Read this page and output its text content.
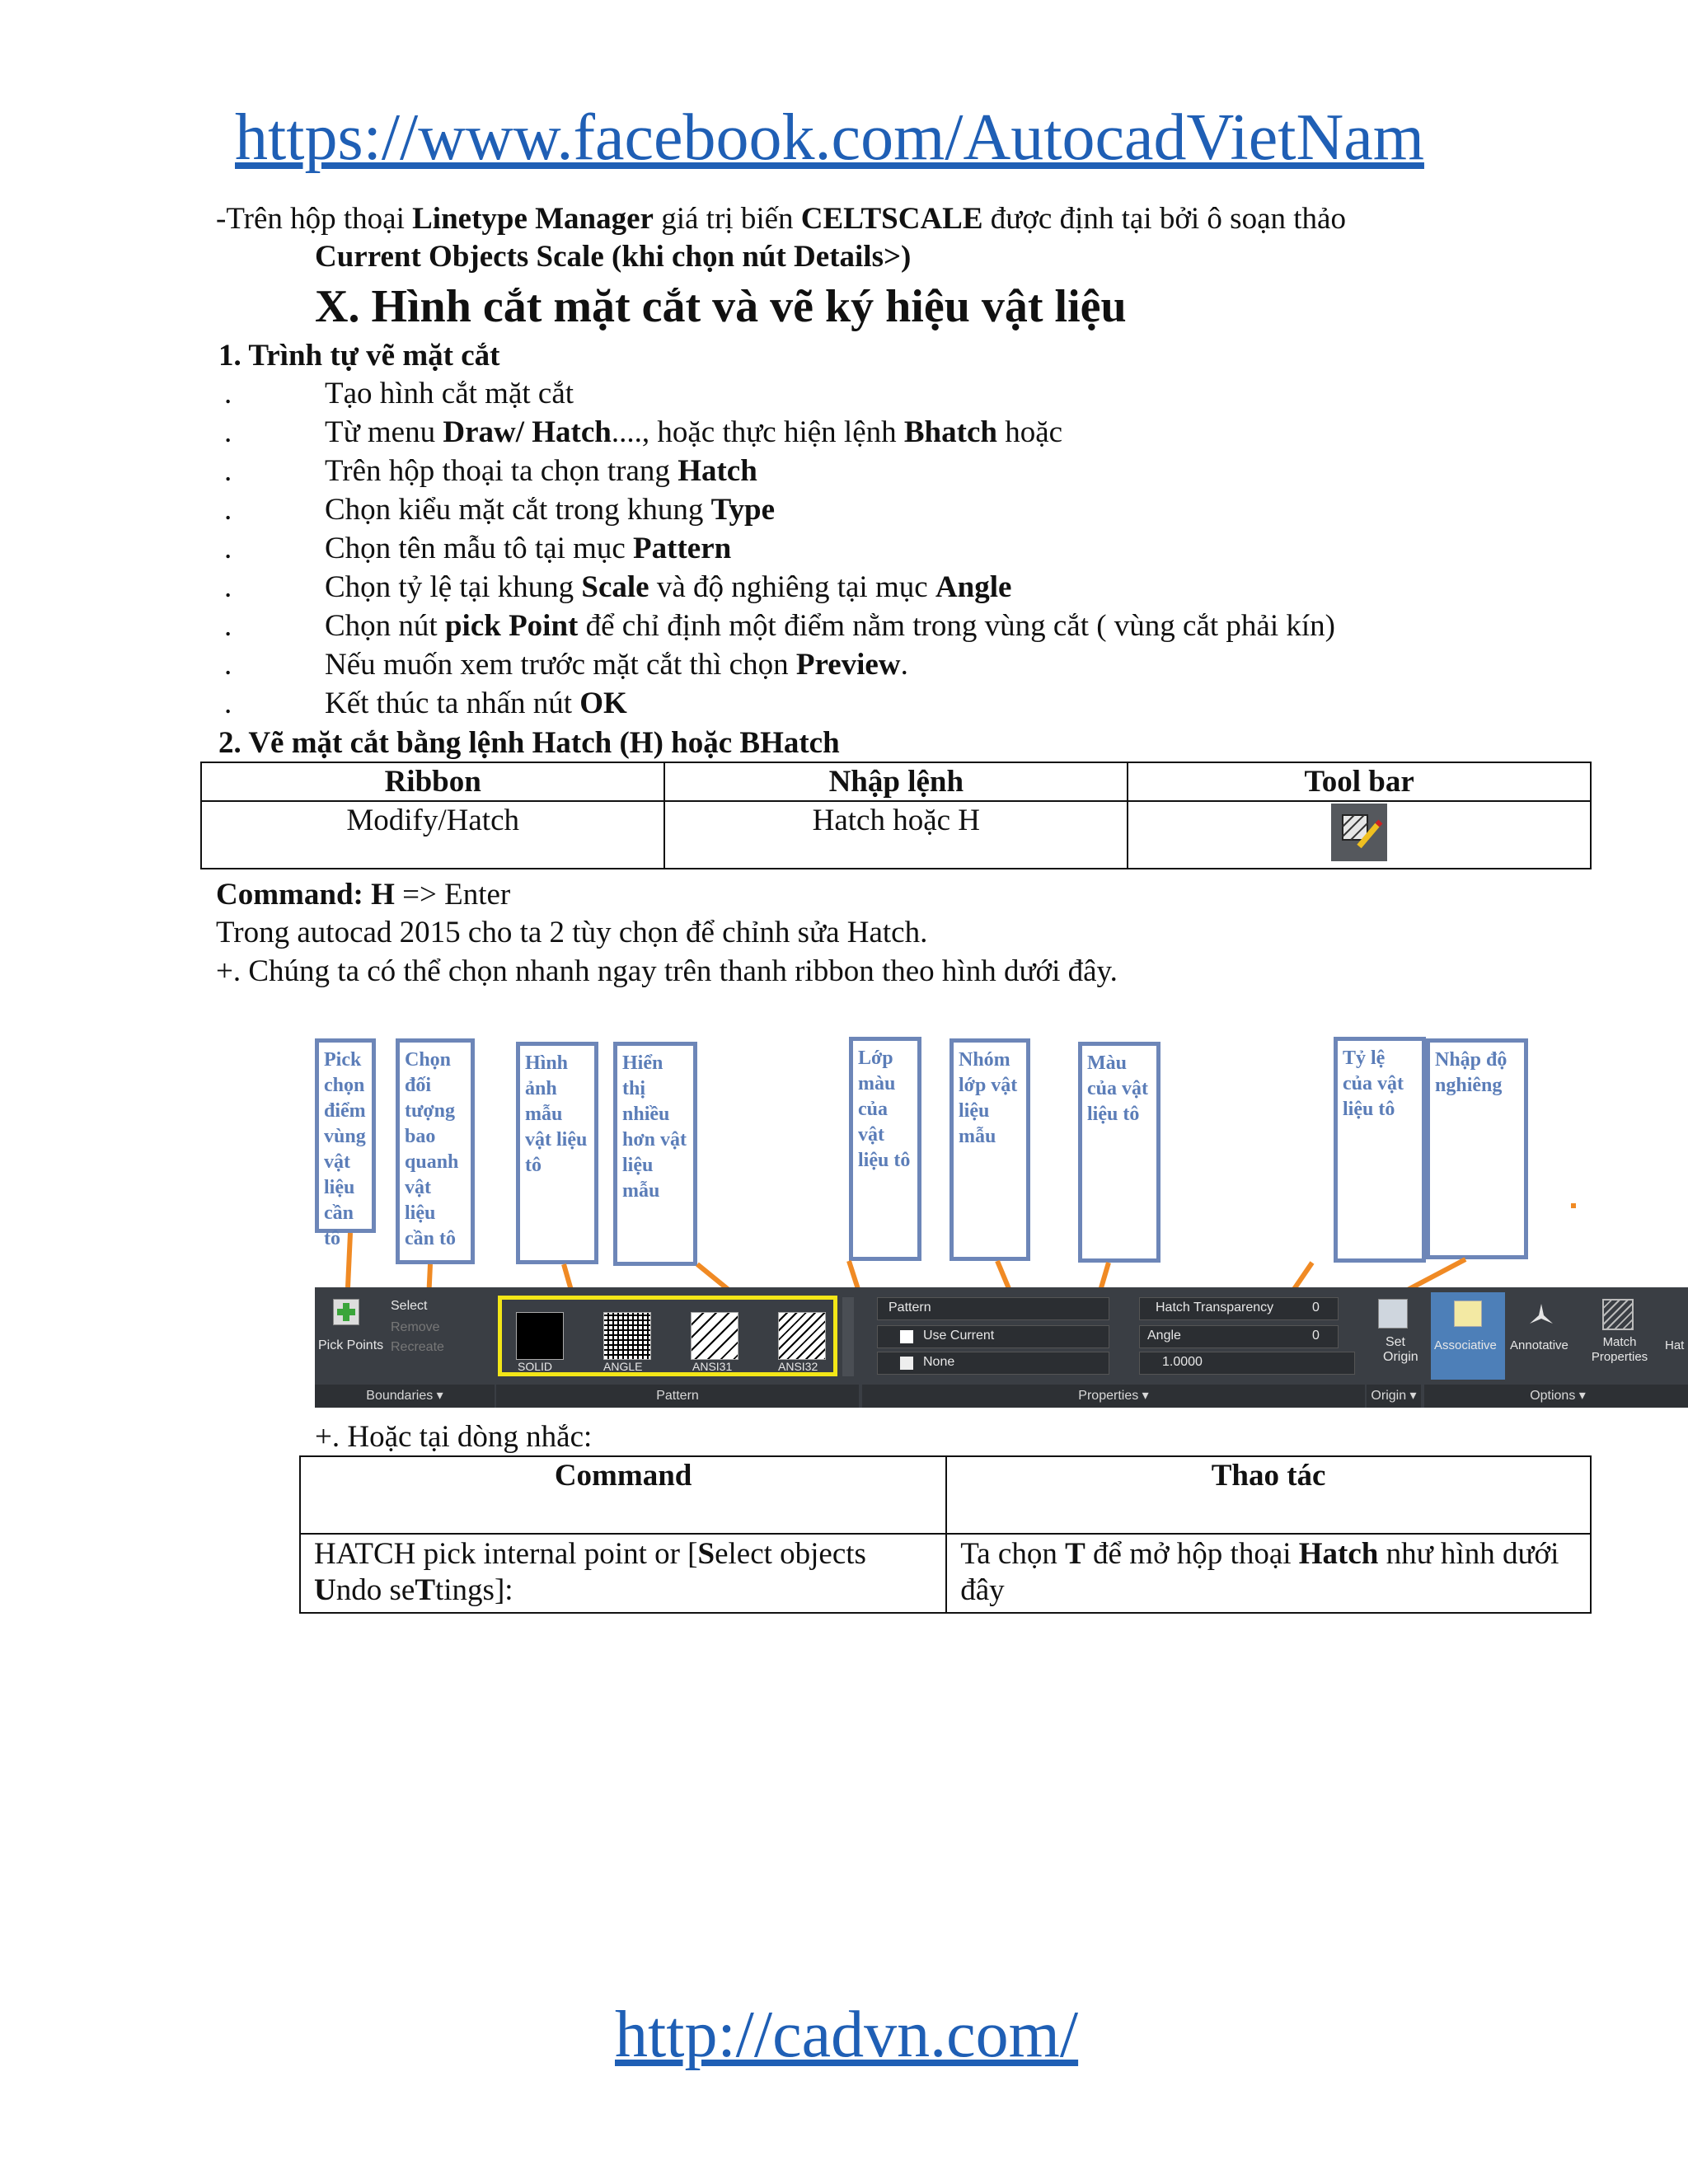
https://www.facebook.com/AutocadVietNam
-Trên hộp thoại Linetype Manager giá trị biến CELTSCALE được định tại bởi ô soạn thảo
Current Objects Scale (khi chọn nút Details>)
X. Hình cắt mặt cắt và vẽ ký hiệu vật liệu
1. Trình tự vẽ mặt cắt
.	Tạo hình cắt mặt cắt
.	Từ menu Draw/ Hatch...., hoặc thực hiện lệnh Bhatch hoặc
.	Trên hộp thoại ta chọn trang Hatch
.	Chọn kiểu mặt cắt trong khung Type
.	Chọn tên mẫu tô tại mục Pattern
.	Chọn tỷ lệ tại khung Scale và độ nghiêng tại mục Angle
.	Chọn nút pick Point để chỉ định một điểm nằm trong vùng cắt ( vùng cắt phải kín)
.	Nếu muốn xem trước mặt cắt thì chọn Preview.
.	Kết thúc ta nhấn nút OK
2. Vẽ mặt cắt bằng lệnh Hatch (H) hoặc BHatch
Ribbon	Nhập lệnh	Tool bar
Modify/Hatch	Hatch hoặc H	
Command: H => Enter
Trong autocad 2015 cho ta 2 tùy chọn để chỉnh sửa Hatch.
+. Chúng ta có thể chọn nhanh ngay trên thanh ribbon theo hình dưới đây.
Pick chọn điểm vùng vật liệu cần tô
Chọn đối tượng bao quanh vật liệu cần tô
Hình ảnh mẫu vật liệu tô
Hiển thị nhiều hơn vật liệu mẫu
Lớp màu của vật liệu tô
Nhóm lớp vật liệu mẫu
Màu của vật liệu tô
Tỷ lệ của vật liệu tô
Nhập độ nghiêng
Pick Points
Select
Remove
Recreate
Boundaries ▾
SOLID	ANGLE	ANSI31	ANSI32
Pattern
Pattern
Use Current
None
Hatch Transparency	0
Angle	0
1.0000
Properties ▾
Set Origin
Origin ▾
Associative Annotative	Match Properties
Hat
Options ▾
+. Hoặc tại dòng nhắc:
Command	Thao tác
HATCH pick internal point or [Select objects Undo seTtings]:	Ta chọn T để mở hộp thoại Hatch như hình dưới đây
http://cadvn.com/
